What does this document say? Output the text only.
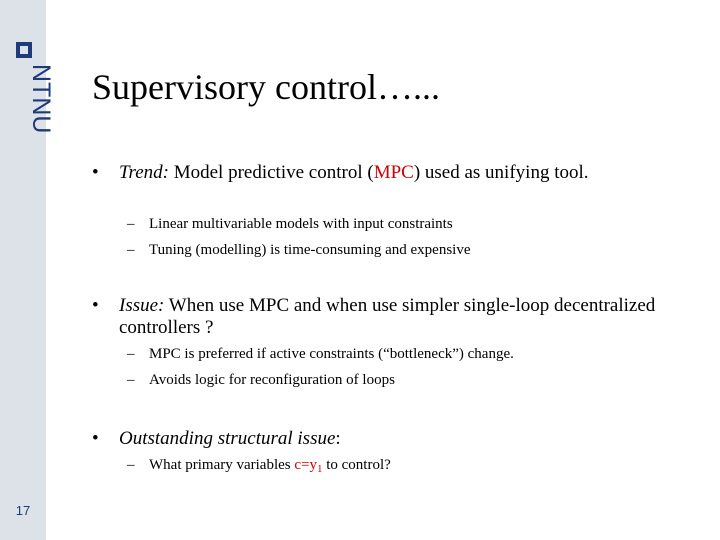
NTNU
17
Supervisory control…...
• Trend: Model predictive control (MPC) used as unifying tool.
– Linear multivariable models with input constraints
– Tuning (modelling) is time-consuming and expensive
• Issue: When use MPC and when use simpler single-loop decentralized controllers ?
– MPC is preferred if active constraints (“bottleneck”) change.
– Avoids logic for reconfiguration of loops
• Outstanding structural issue:
– What primary variables $c=y_1$ to control?
